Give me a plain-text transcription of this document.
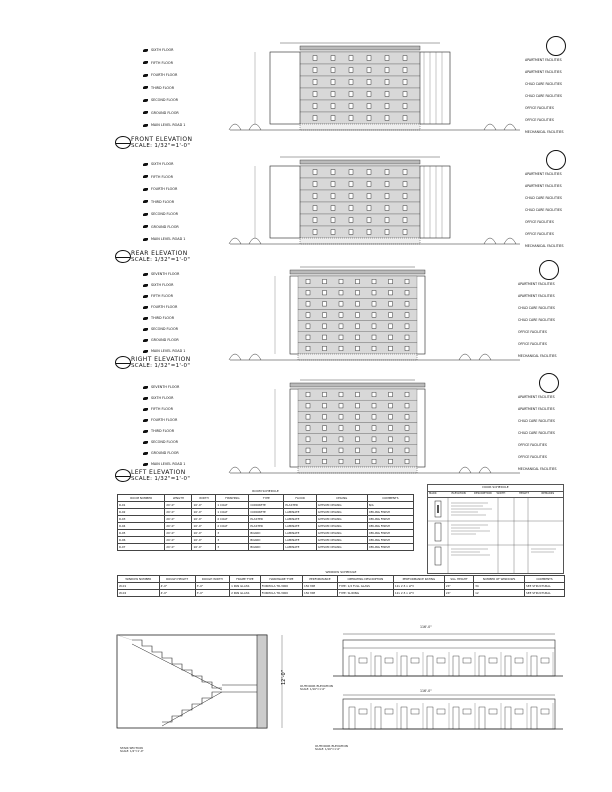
SIXTH FLOOR
FIFTH FLOOR
FOURTH FLOOR
THIRD FLOOR
SECOND FLOOR
GROUND FLOOR
MAIN LEVEL ROAD 1
FRONT ELEVATION
SCALE: 1/32"=1'-0"
APARTMENT FACILITIES
APARTMENT FACILITIES
CHILD CARE FACILITIES
CHILD CARE FACILITIES
OFFICE FACILITIES
OFFICE FACILITIES
MECHANICAL FACILITIES
SIXTH FLOOR
FIFTH FLOOR
FOURTH FLOOR
THIRD FLOOR
SECOND FLOOR
GROUND FLOOR
MAIN LEVEL ROAD 1
REAR ELEVATION
SCALE: 1/32"=1'-0"
APARTMENT FACILITIES
APARTMENT FACILITIES
CHILD CARE FACILITIES
CHILD CARE FACILITIES
OFFICE FACILITIES
OFFICE FACILITIES
MECHANICAL FACILITIES
SEVENTH FLOOR
SIXTH FLOOR
FIFTH FLOOR
FOURTH FLOOR
THIRD FLOOR
SECOND FLOOR
GROUND FLOOR
MAIN LEVEL ROAD 1
RIGHT ELEVATION
SCALE: 1/32"=1'-0"
APARTMENT FACILITIES
APARTMENT FACILITIES
CHILD CARE FACILITIES
CHILD CARE FACILITIES
OFFICE FACILITIES
OFFICE FACILITIES
MECHANICAL FACILITIES
SEVENTH FLOOR
SIXTH FLOOR
FIFTH FLOOR
FOURTH FLOOR
THIRD FLOOR
SECOND FLOOR
GROUND FLOOR
MAIN LEVEL ROAD 1
LEFT ELEVATION
SCALE: 1/32"=1'-0"
APARTMENT FACILITIES
APARTMENT FACILITIES
CHILD CARE FACILITIES
CHILD CARE FACILITIES
OFFICE FACILITIES
OFFICE FACILITIES
MECHANICAL FACILITIES
ROOM SCHEDULE
ROOM NUMBER	LENGTH	WIDTH	FINISHING	TYPE	FLOOR	CEILING	COMMENTS
R-01	20'-0"	16'-0"	1 COAT	CONCRETE	PLASTER	GYPSUM CEILING	N/A
R-02	20'-0"	16'-0"	1 COAT	CONCRETE	LAMINATE	GYPSUM CEILING	CEILING FINISH
R-03	20'-0"	16'-0"	2 COAT	PLASTER	LAMINATE	GYPSUM CEILING	CEILING FINISH
R-04	20'-0"	16'-0"	2 COAT	PLASTER	LAMINATE	GYPSUM CEILING	CEILING FINISH
R-05	20'-0"	16'-0"	3	BOARD	LAMINATE	GYPSUM CEILING	CEILING FINISH
R-06	20'-0"	16'-0"	3	BOARD	LAMINATE	GYPSUM CEILING	CEILING FINISH
R-07	20'-0"	16'-0"	3	BOARD	LAMINATE	GYPSUM CEILING	CEILING FINISH
DOOR SCHEDULE
MARK	ELEVATION	DESCRIPTION	WIDTH	HEIGHT	REMARKS
WINDOW SCHEDULE
WINDOW NUMBER	ROUGH HEIGHT	ROUGH WIDTH	FRAME TYPE	HARDWARE TYPE	PERFORMANCE	OPERATING DESCRIPTION	PERFORMANCE RATING	SILL HEIGHT	NUMBER OF WINDOWS	COMMENTS
W-01	4'-0"	3'-0"	1 PAN GLASS	FORMULA TR-3000	150 MM	TYPE: 1/2 FULL GLASS	12x 2.5 x LF3	24"	34	SEE STRUCTURAL
W-02	4'-0"	3'-0"	2 PAN GLASS	FORMULA TR-3000	150 MM	TYPE: SLIDING	12x 2.5 x LF3	24"	12	SEE STRUCTURAL
12'-0"
STAIR SECTION
SCALE: 1/4"=1'-0"
116'-0"
OUTDOOR ELEVATION
SCALE: 1/16"=1'-0"	116'-0"
OUTDOOR ELEVATION
SCALE: 1/16"=1'-0"
